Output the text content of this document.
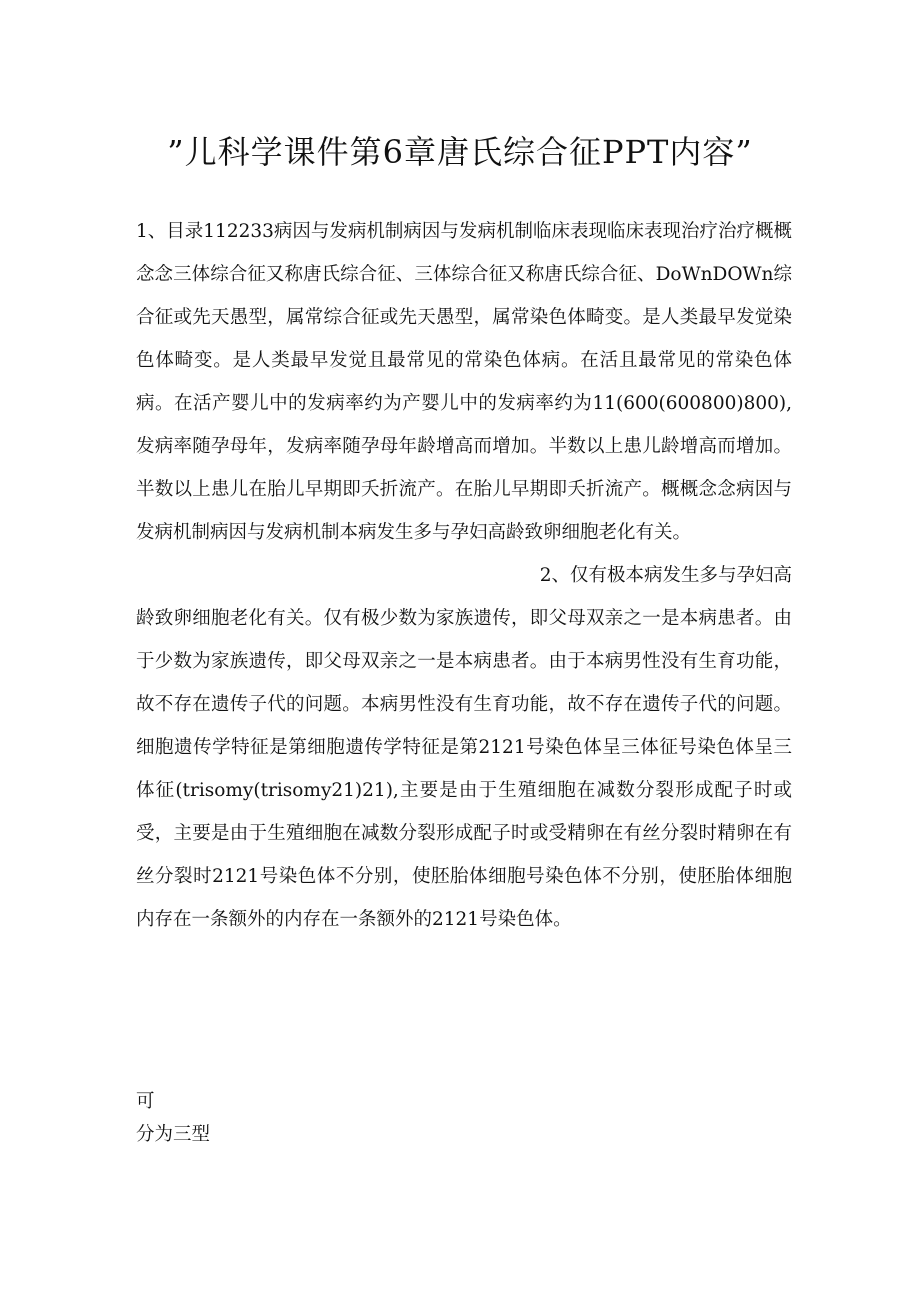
”儿科学课件第6章唐氏综合征PPT内容”

1、目录112233病因与发病机制病因与发病机制临床表现临床表现治疗治疗概概念念三体综合征又称唐氏综合征、三体综合征又称唐氏综合征、DoWnDOWn综合征或先天愚型，属常综合征或先天愚型，属常染色体畸变。是人类最早发觉染色体畸变。是人类最早发觉且最常见的常染色体病。在活且最常见的常染色体病。在活产婴儿中的发病率约为产婴儿中的发病率约为11(600(600800)800),发病率随孕母年，发病率随孕母年龄增高而增加。半数以上患儿龄增高而增加。半数以上患儿在胎儿早期即夭折流产。在胎儿早期即夭折流产。概概念念病因与发病机制病因与发病机制本病发生多与孕妇高龄致卵细胞老化有关。

2、仅有极本病发生多与孕妇高

龄致卵细胞老化有关。仅有极少数为家族遗传，即父母双亲之一是本病患者。由于少数为家族遗传，即父母双亲之一是本病患者。由于本病男性没有生育功能，故不存在遗传子代的问题。本病男性没有生育功能，故不存在遗传子代的问题。细胞遗传学特征是第细胞遗传学特征是第2121号染色体呈三体征号染色体呈三体征(trisomy(trisomy21)21),主要是由于生殖细胞在减数分裂形成配子时或受，主要是由于生殖细胞在减数分裂形成配子时或受精卵在有丝分裂时精卵在有丝分裂时2121号染色体不分别，使胚胎体细胞号染色体不分别，使胚胎体细胞内存在一条额外的内存在一条额外的2121号染色体。

可
分为三型
